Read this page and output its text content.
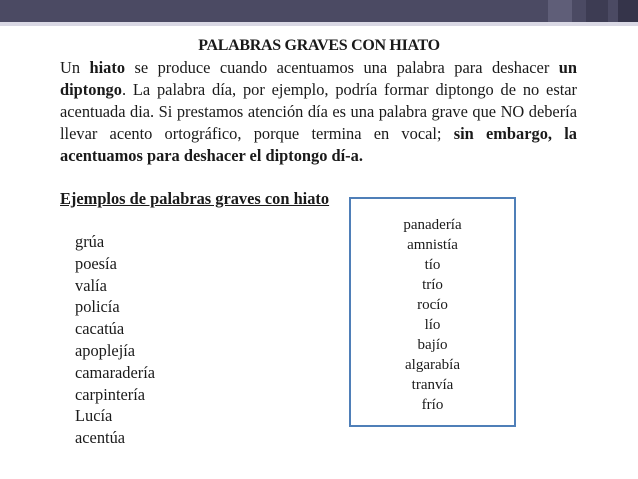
PALABRAS GRAVES CON HIATO
Un hiato se produce cuando acentuamos una palabra para deshacer un diptongo. La palabra día, por ejemplo, podría formar diptongo de no estar acentuada dia. Si prestamos atención día es una palabra grave que NO debería llevar acento ortográfico, porque termina en vocal; sin embargo, la acentuamos para deshacer el diptongo dí-a.
Ejemplos de palabras graves con hiato
grúa
poesía
valía
policía
cacatúa
apoplejía
camaradería
carpintería
Lucía
acentúa
panadería
amnistía
tío
trío
rocío
lío
bajío
algarabía
tranvía
frío
